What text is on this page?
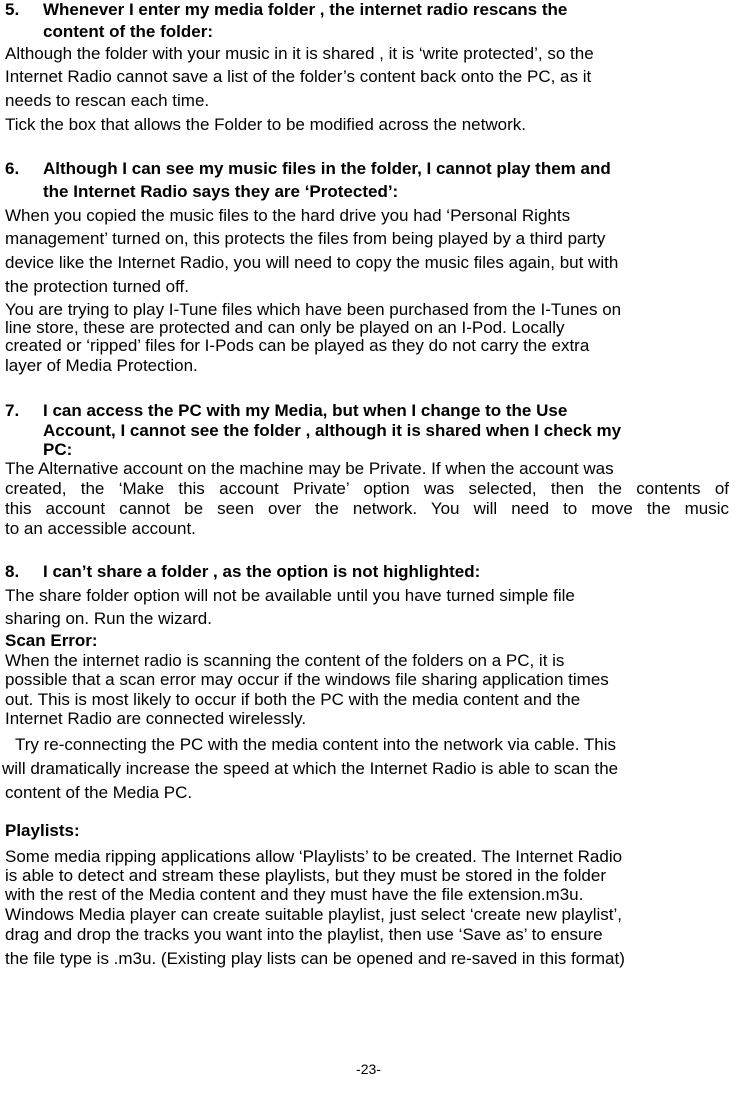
5. Whenever I enter my media folder , the internet radio rescans the
content of the folder:
Although the folder with your music in it is shared , it is ‘write protected’, so the
Internet Radio cannot save a list of the folder’s content back onto the PC, as it
needs to rescan each time.
Tick the box that allows the Folder to be modified across the network.
6. Although I can see my music files in the folder, I cannot play them and
the Internet Radio says they are ‘Protected’:
When you copied the music files to the hard drive you had ‘Personal Rights
management’ turned on, this protects the files from being played by a third party
device like the Internet Radio, you will need to copy the music files again, but with
the protection turned off.
You are trying to play I-Tune files which have been purchased from the I-Tunes on
line store, these are protected and can only be played on an I-Pod. Locally
created or ‘ripped’ files for I-Pods can be played as they do not carry the extra
layer of Media Protection.
7. I can access the PC with my Media, but when I change to the Use
Account, I cannot see the folder , although it is shared when I check my
PC:
The Alternative account on the machine may be Private. If when the account was
created, the ‘Make this account Private’ option was selected, then the contents of
this account cannot be seen over the network. You will need to move the music
to an accessible account.
8. I can’t share a folder , as the option is not highlighted:
The share folder option will not be available until you have turned simple file
sharing on. Run the wizard.
Scan Error:
When the internet radio is scanning the content of the folders on a PC, it is
possible that a scan error may occur if the windows file sharing application times
out. This is most likely to occur if both the PC with the media content and the
Internet Radio are connected wirelessly.
Try re-connecting the PC with the media content into the network via cable. This
will dramatically increase the speed at which the Internet Radio is able to scan the
content of the Media PC.
Playlists:
Some media ripping applications allow ‘Playlists’ to be created. The Internet Radio
is able to detect and stream these playlists, but they must be stored in the folder
with the rest of the Media content and they must have the file extension.m3u.
Windows Media player can create suitable playlist, just select ‘create new playlist’,
drag and drop the tracks you want into the playlist, then use ‘Save as’ to ensure
the file type is .m3u. (Existing play lists can be opened and re-saved in this format)
-23-
